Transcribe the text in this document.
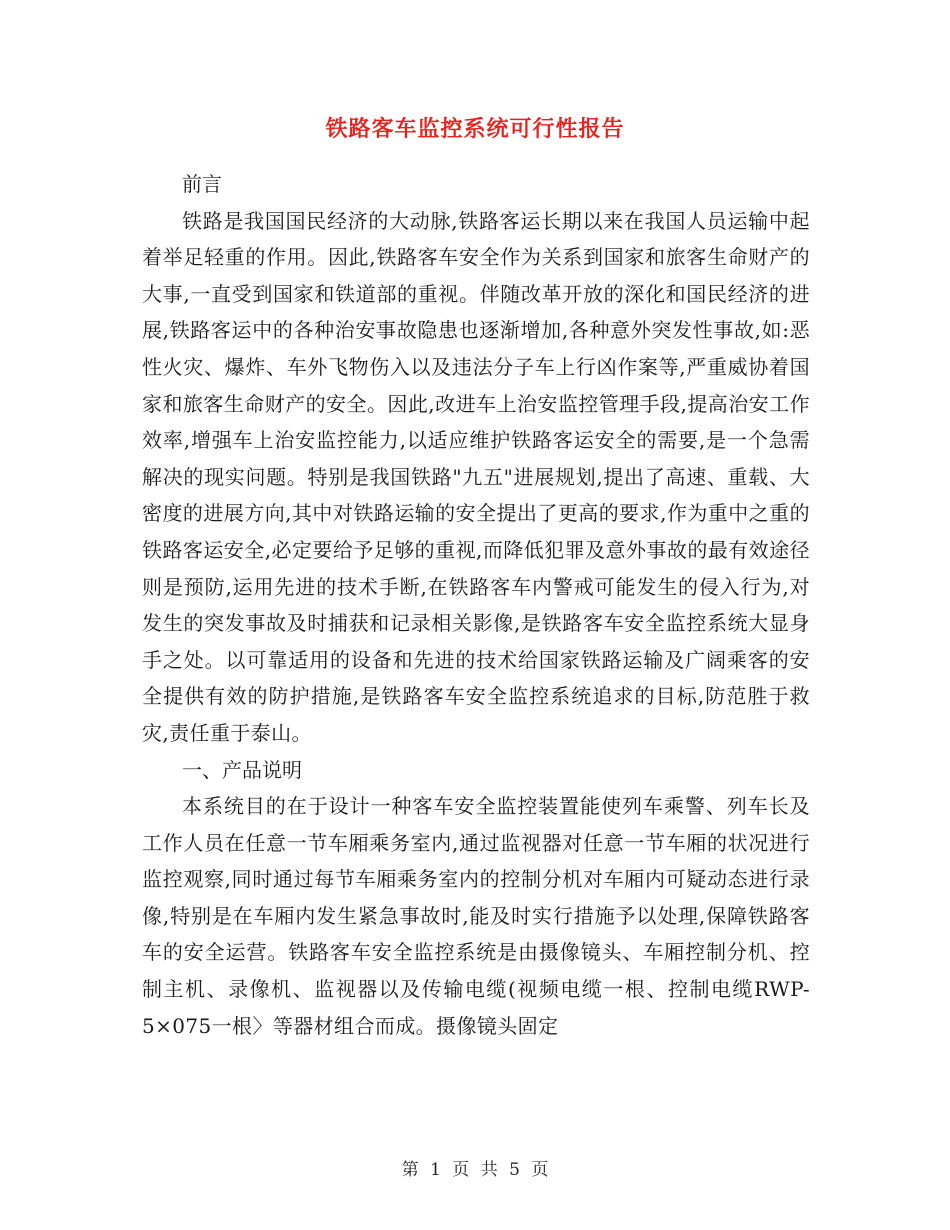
铁路客车监控系统可行性报告

前言

铁路是我国国民经济的大动脉,铁路客运长期以来在我国人员运输中起着举足轻重的作用。因此,铁路客车安全作为关系到国家和旅客生命财产的大事,一直受到国家和铁道部的重视。伴随改革开放的深化和国民经济的进展,铁路客运中的各种治安事故隐患也逐渐增加,各种意外突发性事故,如:恶性火灾、爆炸、车外飞物伤入以及违法分子车上行凶作案等,严重威协着国家和旅客生命财产的安全。因此,改进车上治安监控管理手段,提高治安工作效率,增强车上治安监控能力,以适应维护铁路客运安全的需要,是一个急需解决的现实问题。特别是我国铁路"九五"进展规划,提出了高速、重载、大密度的进展方向,其中对铁路运输的安全提出了更高的要求,作为重中之重的铁路客运安全,必定要给予足够的重视,而降低犯罪及意外事故的最有效途径则是预防,运用先进的技术手断,在铁路客车内警戒可能发生的侵入行为,对发生的突发事故及时捕获和记录相关影像,是铁路客车安全监控系统大显身手之处。以可靠适用的设备和先进的技术给国家铁路运输及广阔乘客的安全提供有效的防护措施,是铁路客车安全监控系统追求的目标,防范胜于救灾,责任重于泰山。

一、产品说明

本系统目的在于设计一种客车安全监控装置能使列车乘警、列车长及工作人员在任意一节车厢乘务室内,通过监视器对任意一节车厢的状况进行监控观察,同时通过每节车厢乘务室内的控制分机对车厢内可疑动态进行录像,特别是在车厢内发生紧急事故时,能及时实行措施予以处理,保障铁路客车的安全运营。铁路客车安全监控系统是由摄像镜头、车厢控制分机、控制主机、录像机、监视器以及传输电缆(视频电缆一根、控制电缆RWP-5×075一根〉等器材组合而成。摄像镜头固定

第 1 页 共 5 页
